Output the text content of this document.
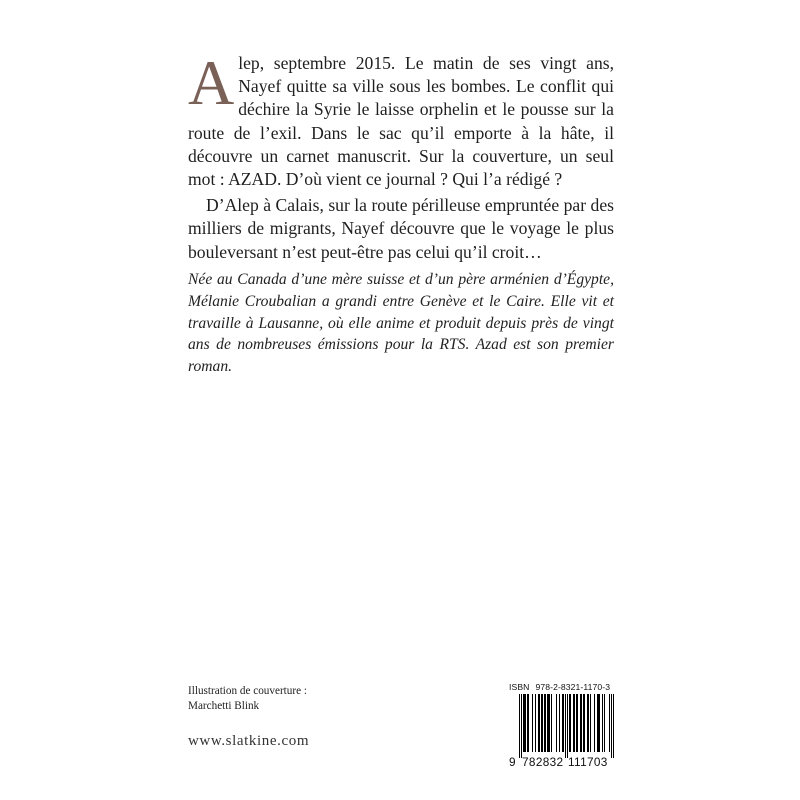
Alep, septembre 2015. Le matin de ses vingt ans, Nayef quitte sa ville sous les bombes. Le conflit qui déchire la Syrie le laisse orphelin et le pousse sur la route de l’exil. Dans le sac qu’il emporte à la hâte, il découvre un carnet manuscrit. Sur la couverture, un seul mot : AZAD. D’où vient ce journal ? Qui l’a rédigé ?

D’Alep à Calais, sur la route périlleuse empruntée par des milliers de migrants, Nayef découvre que le voyage le plus bouleversant n’est peut-être pas celui qu’il croit…

Née au Canada d’une mère suisse et d’un père arménien d’Égypte, Mélanie Croubalian a grandi entre Genève et le Caire. Elle vit et travaille à Lausanne, où elle anime et produit depuis près de vingt ans de nombreuses émissions pour la RTS. Azad est son premier roman.

Illustration de couverture :
Marchetti Blink
www.slatkine.com
ISBN 978-2-8321-1170-3
9 782832 111703
